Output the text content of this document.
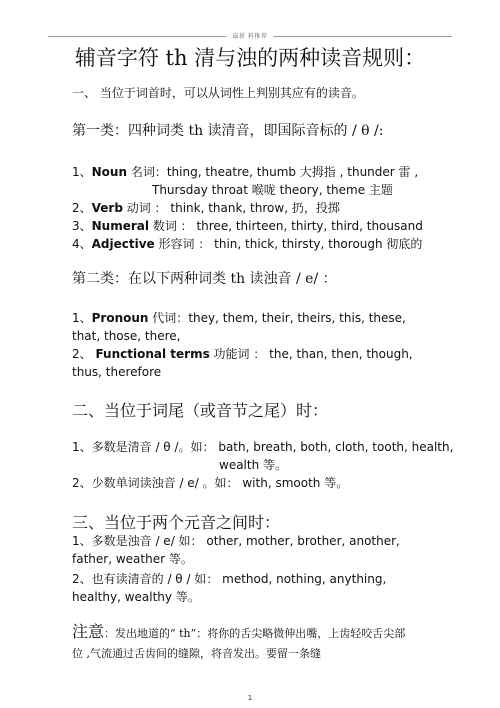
最新 料推荐
辅音字符 th 清与浊的两种读音规则：
一、 当位于词首时，可以从词性上判别其应有的读音。
第一类：四种词类 th 读清音，即国际音标的 / θ /:
1、Noun 名词：thing, theatre, thumb 大拇指 , thunder 雷 ,
Thursday throat 喉咙 theory, theme 主题
2、Verb 动词 ： think, thank, throw, 扔，投掷
3、Numeral 数词 ： three, thirteen, thirty, third, thousand
4、Adjective 形容词 ： thin, thick, thirsty, thorough 彻底的
第二类：在以下两种词类 th 读浊音 / e/ ：
1、Pronoun 代词：they, them, their, theirs, this, these, that, those, there,
2、 Functional terms 功能词 ： the, than, then, though, thus, therefore
二、当位于词尾（或音节之尾）时：
1、多数是清音 / θ /。如： bath, breath, both, cloth, tooth, health,
wealth 等。
2、少数单词读浊音 / e/ 。如： with, smooth 等。
三、当位于两个元音之间时：
1、多数是浊音 / e/ 如： other, mother, brother, another, father, weather 等。
2、也有读清音的 / θ / 如： method, nothing, anything, healthy, wealthy 等。
注意：发出地道的“ th”：将你的舌尖略微伸出嘴，上齿轻咬舌尖部位 ,气流通过舌齿间的缝隙，将音发出。要留一条缝
1
